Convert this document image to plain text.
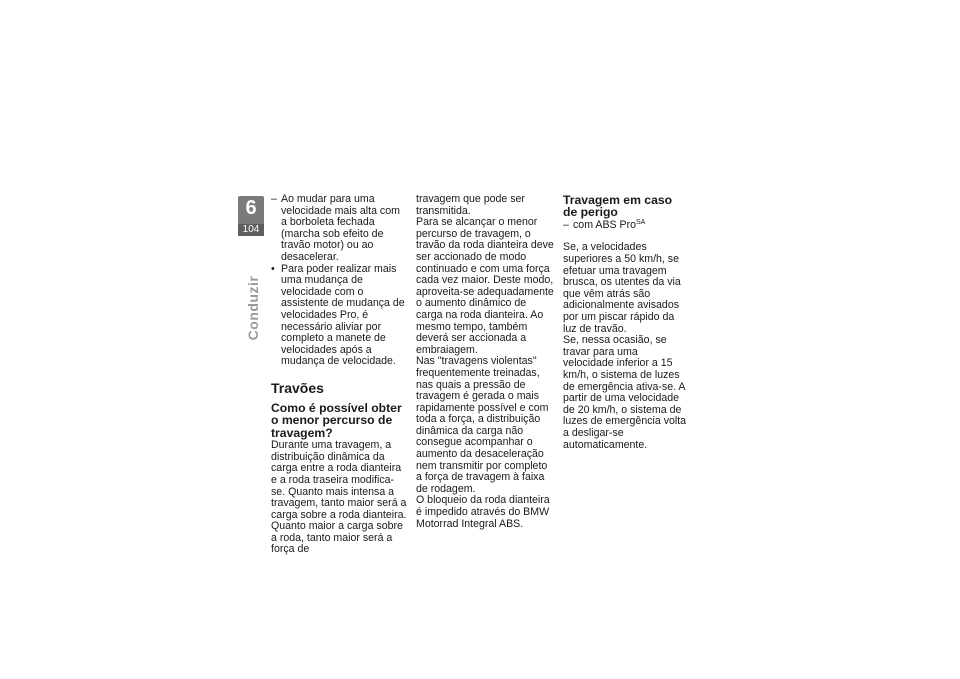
6
104
Conduzir
– Ao mudar para uma velocidade mais alta com a borboleta fechada (marcha sob efeito de travão motor) ou ao desacelerar.
• Para poder realizar mais uma mudança de velocidade com o assistente de mudança de velocidades Pro, é necessário aliviar por completo a manete de velocidades após a mudança de velocidade.
Travões
Como é possível obter o menor percurso de travagem?

Durante uma travagem, a distribuição dinâmica da carga entre a roda dianteira e a roda traseira modifica-se. Quanto mais intensa a travagem, tanto maior será a carga sobre a roda dianteira. Quanto maior a carga sobre a roda, tanto maior será a força de

travagem que pode ser transmitida.

Para se alcançar o menor percurso de travagem, o travão da roda dianteira deve ser accionado de modo continuado e com uma força cada vez maior. Deste modo, aproveita-se adequadamente o aumento dinâmico de carga na roda dianteira. Ao mesmo tempo, também deverá ser accionada a embraiagem.

Nas "travagens violentas" frequentemente treinadas, nas quais a pressão de travagem é gerada o mais rapidamente possível e com toda a força, a distribuição dinâmica da carga não consegue acompanhar o aumento da desaceleração nem transmitir por completo a força de travagem à faixa de rodagem.

O bloqueio da roda dianteira é impedido através do BMW Motorrad Integral ABS.

Travagem em caso de perigo
– com ABS Pro$^{SA}$

Se, a velocidades superiores a 50 km/h, se efetuar uma travagem brusca, os utentes da via que vêm atrás são adicionalmente avisados por um piscar rápido da luz de travão.

Se, nessa ocasião, se travar para uma velocidade inferior a 15 km/h, o sistema de luzes de emergência ativa-se. A partir de uma velocidade de 20 km/h, o sistema de luzes de emergência volta a desligar-se automaticamente.
